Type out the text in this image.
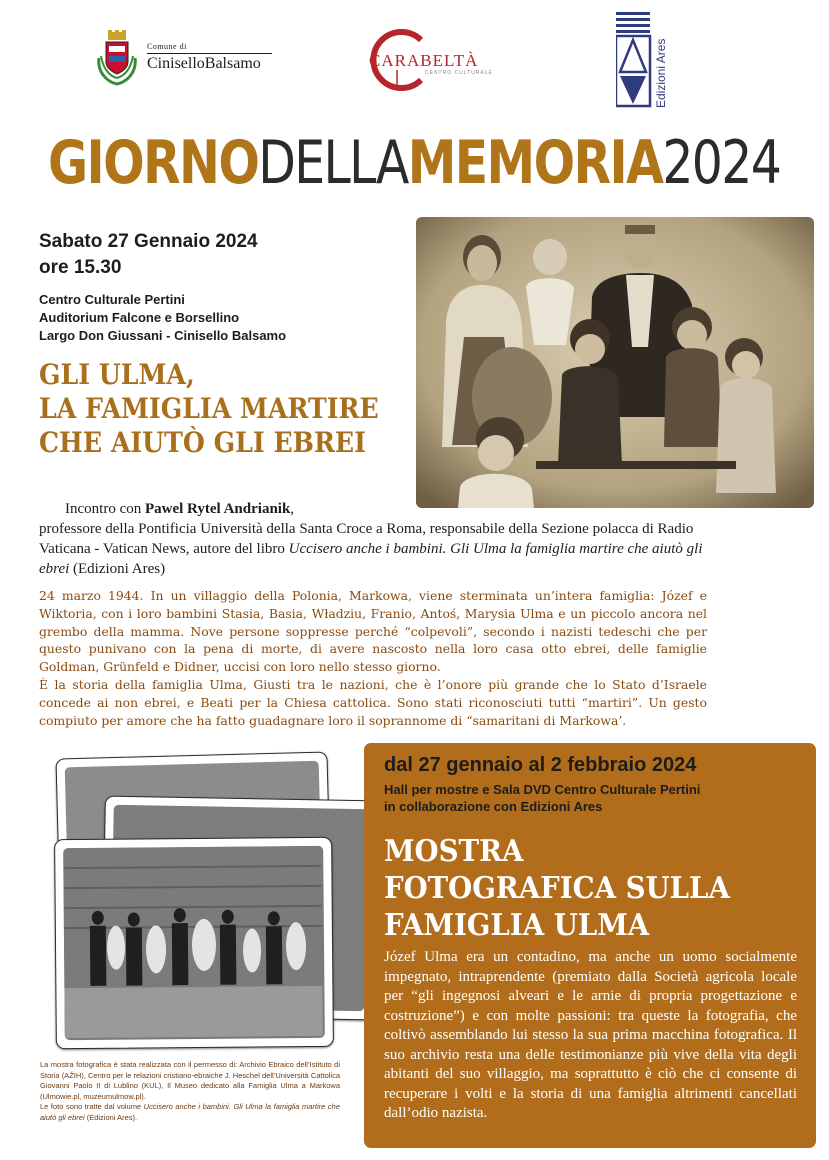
Comune di
CiniselloBalsamo	CARABELTÀ
CENTRO CULTURALE	Edizioni Ares
GIORNODELLAMEMORIA2024
Sabato 27 Gennaio 2024
ore 15.30
Centro Culturale Pertini
Auditorium Falcone e Borsellino
Largo Don Giussani - Cinisello Balsamo
GLI ULMA,
LA FAMIGLIA MARTIRE
CHE AIUTÒ GLI EBREI
Incontro con Pawel Rytel Andrianik,
professore della Pontificia Università della Santa Croce a Roma, responsabile della Sezione polacca di Radio Vaticana - Vatican News, autore del libro Uccisero anche i bambini. Gli Ulma la famiglia martire che aiutò gli ebrei (Edizioni Ares)
24 marzo 1944. In un villaggio della Polonia, Markowa, viene sterminata un’intera famiglia: Józef e Wiktoria, con i loro bambini Stasia, Basia, Władziu, Franio, Antoś, Marysia Ulma e un piccolo ancora nel grembo della mamma. Nove persone soppresse perché “colpevoli”, secondo i nazisti tedeschi che per questo punivano con la pena di morte, di avere nascosto nella loro casa otto ebrei, delle famiglie Goldman, Grünfeld e Didner, uccisi con loro nello stesso giorno.
È la storia della famiglia Ulma, Giusti tra le nazioni, che è l’onore più grande che lo Stato d’Israele concede ai non ebrei, e Beati per la Chiesa cattolica. Sono stati riconosciuti tutti “martiri”. Un gesto compiuto per amore che ha fatto guadagnare loro il soprannome di “samaritani di Markowa’.
La mostra fotografica è stata realizzata con il permesso di: Archivio Ebraico dell’Istituto di Storia (AŽIH), Centro per le relazioni cristiano-ebraiche J. Heschel dell’Università Cattolica Giovanni Paolo II di Lublino (KUL), Il Museo dedicato alla Famiglia Ulma a Markowa (Ulmowie.pl, muzeumulmow.pl).
Le foto sono tratte dal volume Uccisero anche i bambini. Gli Ulma la famiglia martire che aiutò gli ebrei (Edizioni Ares).
dal 27 gennaio al 2 febbraio 2024
Hall per mostre e Sala DVD Centro Culturale Pertini
in collaborazione con Edizioni Ares
MOSTRA
FOTOGRAFICA SULLA
FAMIGLIA ULMA
Józef Ulma era un contadino, ma anche un uomo socialmente impegnato, intraprendente (premiato dalla Società agricola locale per “gli ingegnosi alveari e le arnie di propria progettazione e costruzione”) e con molte passioni: tra queste la fotografia, che coltivò assemblando lui stesso la sua prima macchina fotografica. Il suo archivio resta una delle testimonianze più vive della vita degli abitanti del suo villaggio, ma soprattutto è ciò che ci consente di recuperare i volti e la storia di una famiglia altrimenti cancellati dall’odio nazista.
